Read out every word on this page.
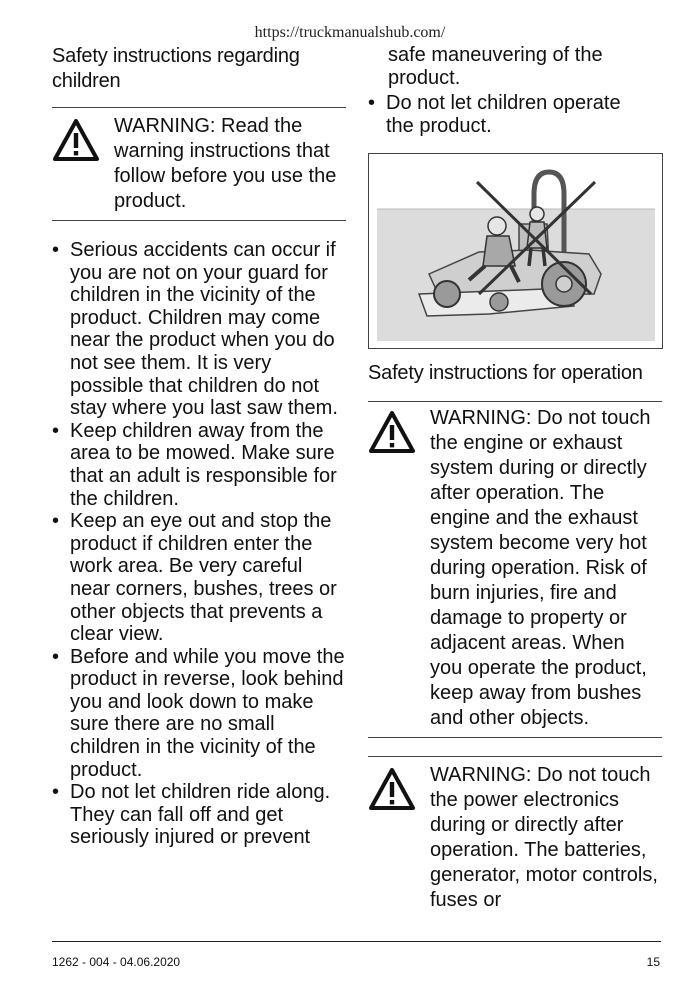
https://truckmanualshub.com/
Safety instructions regarding children
WARNING: Read the warning instructions that follow before you use the product.
• Serious accidents can occur if you are not on your guard for children in the vicinity of the product. Children may come near the product when you do not see them. It is very possible that children do not stay where you last saw them.
• Keep children away from the area to be mowed. Make sure that an adult is responsible for the children.
• Keep an eye out and stop the product if children enter the work area. Be very careful near corners, bushes, trees or other objects that prevents a clear view.
• Before and while you move the product in reverse, look behind you and look down to make sure there are no small children in the vicinity of the product.
• Do not let children ride along. They can fall off and get seriously injured or prevent

safe maneuvering of the product.

• Do not let children operate the product.
Safety instructions for operation
WARNING: Do not touch the engine or exhaust system during or directly after operation. The engine and the exhaust system become very hot during operation. Risk of burn injuries, fire and damage to property or adjacent areas. When you operate the product, keep away from bushes and other objects.
WARNING: Do not touch the power electronics during or directly after operation. The batteries, generator, motor controls, fuses or
1262 - 004 - 04.06.2020	15
